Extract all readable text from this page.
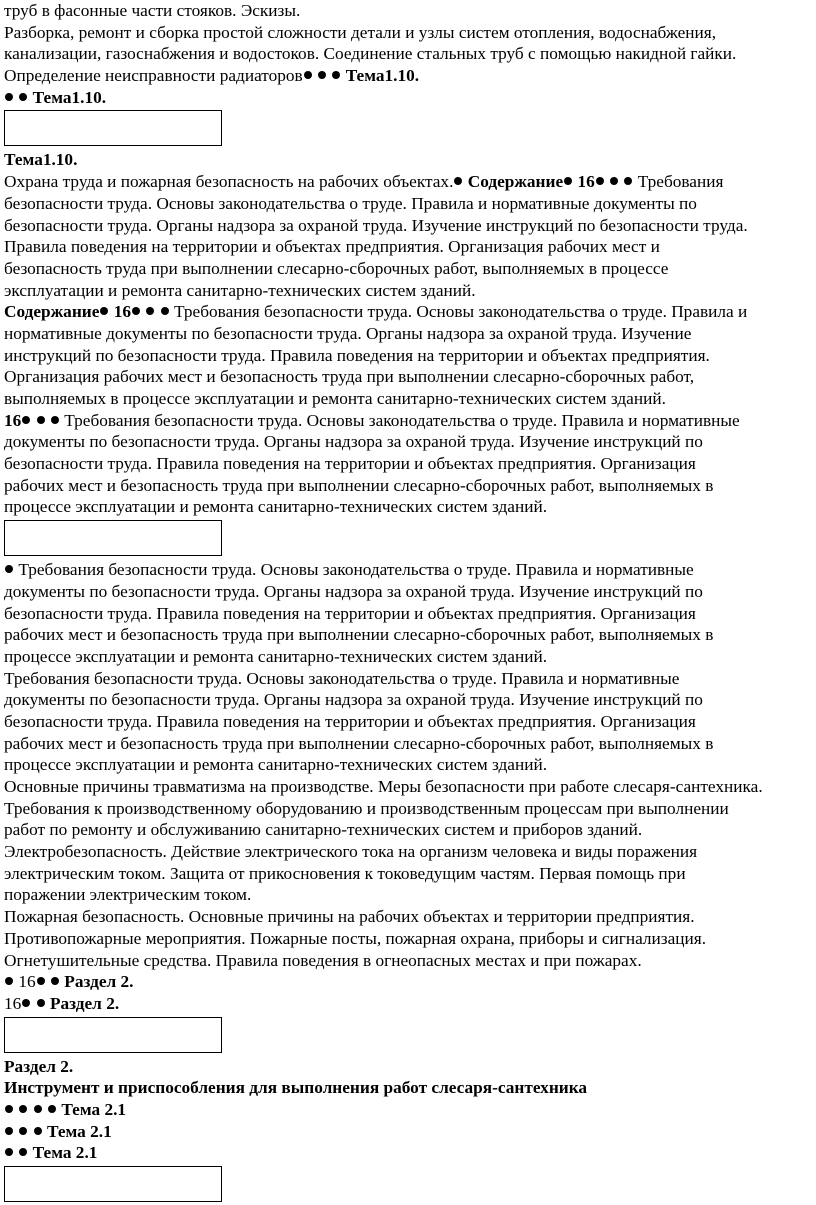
труб в фасонные части стояков. Эскизы.
Разборка, ремонт и сборка простой сложности детали и узлы систем отопления, водоснабжения,
канализации, газоснабжения и водостоков. Соединение стальных труб с помощью накидной гайки.
Определение неисправности радиаторов Тема1.10.
Тема1.10.
Тема1.10.
Охрана труда и пожарная безопасность на рабочих объектах. Содержание 16 Требования
безопасности труда. Основы законодательства о труде. Правила и нормативные документы по
безопасности труда. Органы надзора за охраной труда. Изучение инструкций по безопасности труда.
Правила поведения на территории и объектах предприятия. Организация рабочих мест и
безопасность труда при выполнении слесарно-сборочных работ, выполняемых в процессе
эксплуатации и ремонта санитарно-технических систем зданий.
Содержание 16 Требования безопасности труда. Основы законодательства о труде. Правила и
нормативные документы по безопасности труда. Органы надзора за охраной труда. Изучение
инструкций по безопасности труда. Правила поведения на территории и объектах предприятия.
Организация рабочих мест и безопасность труда при выполнении слесарно-сборочных работ,
выполняемых в процессе эксплуатации и ремонта санитарно-технических систем зданий.
16 Требования безопасности труда. Основы законодательства о труде. Правила и нормативные
документы по безопасности труда. Органы надзора за охраной труда. Изучение инструкций по
безопасности труда. Правила поведения на территории и объектах предприятия. Организация
рабочих мест и безопасность труда при выполнении слесарно-сборочных работ, выполняемых в
процессе эксплуатации и ремонта санитарно-технических систем зданий.
Требования безопасности труда. Основы законодательства о труде. Правила и нормативные
документы по безопасности труда. Органы надзора за охраной труда. Изучение инструкций по
безопасности труда. Правила поведения на территории и объектах предприятия. Организация
рабочих мест и безопасность труда при выполнении слесарно-сборочных работ, выполняемых в
процессе эксплуатации и ремонта санитарно-технических систем зданий.
Требования безопасности труда. Основы законодательства о труде. Правила и нормативные
документы по безопасности труда. Органы надзора за охраной труда. Изучение инструкций по
безопасности труда. Правила поведения на территории и объектах предприятия. Организация
рабочих мест и безопасность труда при выполнении слесарно-сборочных работ, выполняемых в
процессе эксплуатации и ремонта санитарно-технических систем зданий.
Основные причины травматизма на производстве. Меры безопасности при работе слесаря-сантехника.
Требования к производственному оборудованию и производственным процессам при выполнении
работ по ремонту и обслуживанию санитарно-технических систем и приборов зданий.
Электробезопасность. Действие электрического тока на организм человека и виды поражения
электрическим током. Защита от прикосновения к токоведущим частям. Первая помощь при
поражении электрическим током.
Пожарная безопасность. Основные причины на рабочих объектах и территории предприятия.
Противопожарные мероприятия. Пожарные посты, пожарная охрана, приборы и сигнализация.
Огнетушительные средства. Правила поведения в огнеопасных местах и при пожарах.
16 Раздел 2.
16 Раздел 2.
Раздел 2.
Инструмент и приспособления для выполнения работ слесаря-сантехника
Тема 2.1
Тема 2.1
Тема 2.1
